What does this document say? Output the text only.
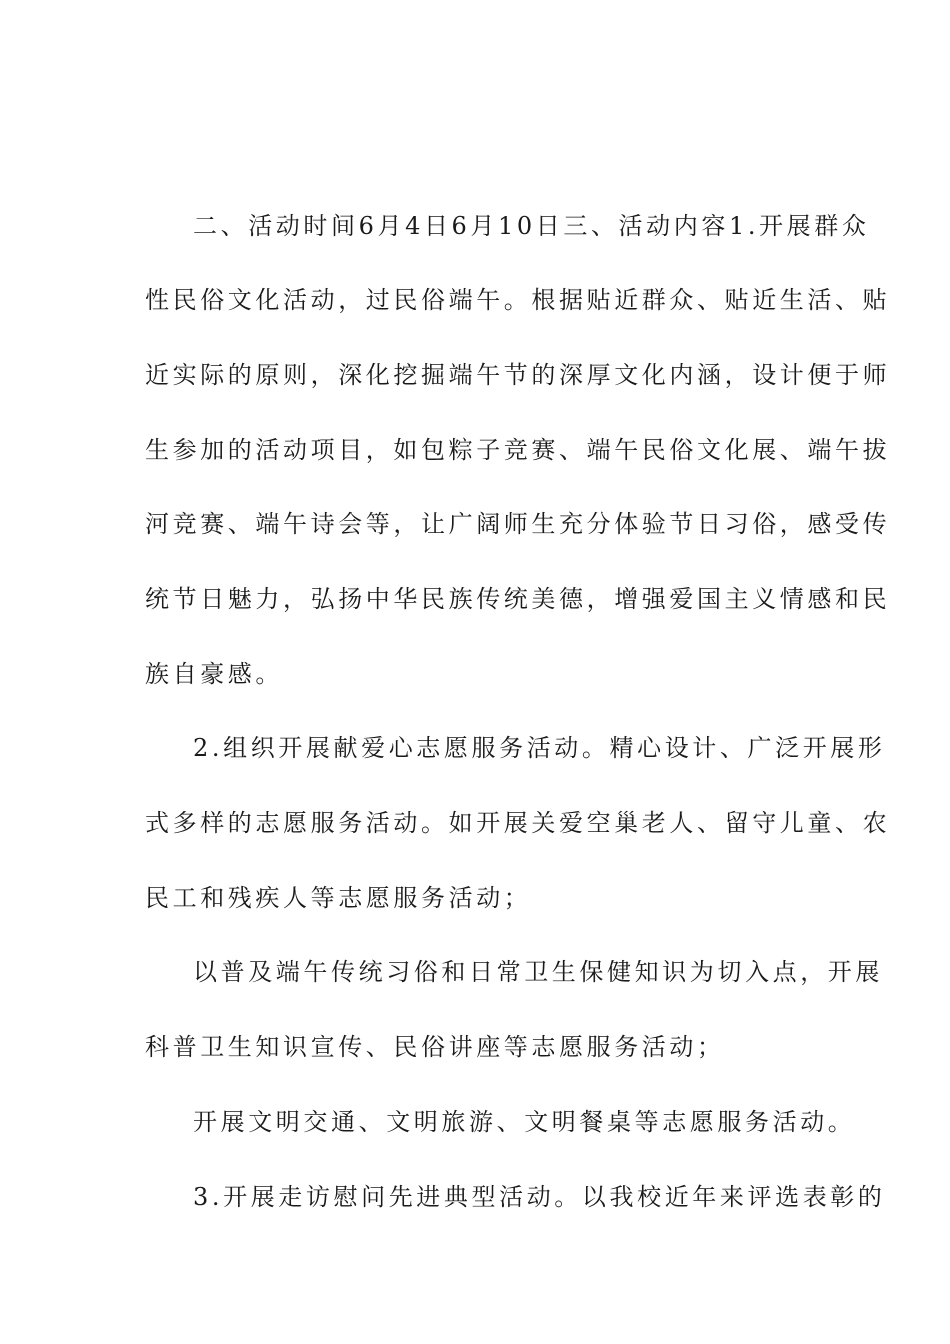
二、活动时间6月4日6月10日三、活动内容1.开展群众
性民俗文化活动，过民俗端午。根据贴近群众、贴近生活、贴
近实际的原则，深化挖掘端午节的深厚文化内涵，设计便于师
生参加的活动项目，如包粽子竞赛、端午民俗文化展、端午拔
河竞赛、端午诗会等，让广阔师生充分体验节日习俗，感受传
统节日魅力，弘扬中华民族传统美德，增强爱国主义情感和民
族自豪感。
2.组织开展献爱心志愿服务活动。精心设计、广泛开展形
式多样的志愿服务活动。如开展关爱空巢老人、留守儿童、农
民工和残疾人等志愿服务活动；
以普及端午传统习俗和日常卫生保健知识为切入点，开展
科普卫生知识宣传、民俗讲座等志愿服务活动；
开展文明交通、文明旅游、文明餐桌等志愿服务活动。
3.开展走访慰问先进典型活动。以我校近年来评选表彰的
